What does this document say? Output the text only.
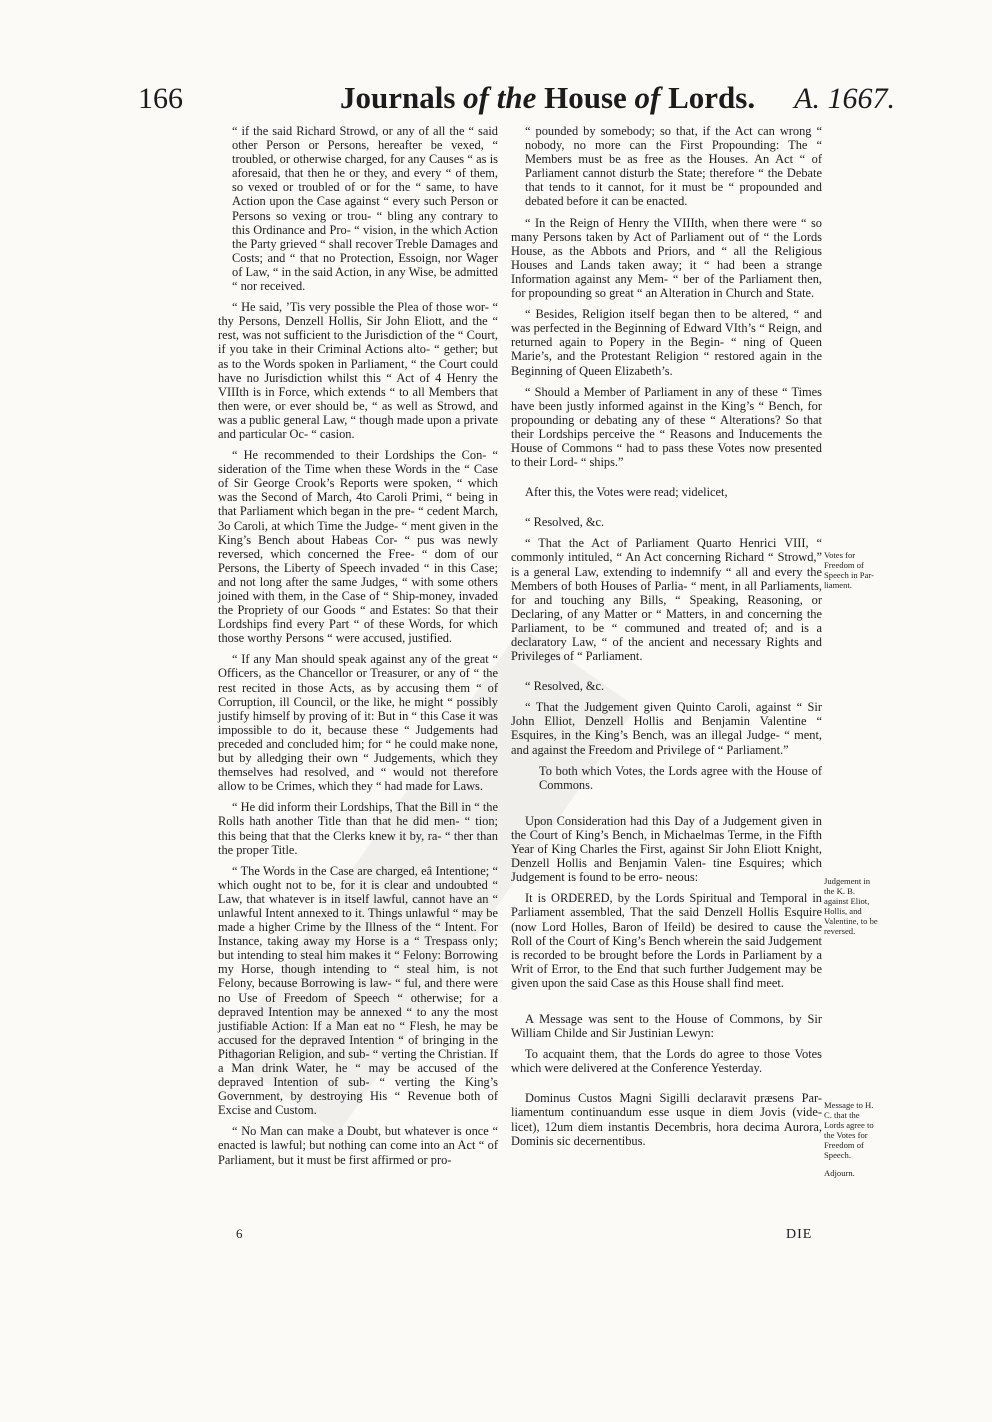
166	Journals of the House of Lords. A. 1667.

“ if the said Richard Strowd, or any of all the “ said other Person or Persons, hereafter be vexed, “ troubled, or otherwise charged, for any Causes “ as is aforesaid, that then he or they, and every “ of them, so vexed or troubled of or for the “ same, to have Action upon the Case against “ every such Person or Persons so vexing or trou- “ bling any contrary to this Ordinance and Pro- “ vision, in the which Action the Party grieved “ shall recover Treble Damages and Costs; and “ that no Protection, Essoign, nor Wager of Law, “ in the said Action, in any Wise, be admitted “ nor received.

“ He said, ’Tis very possible the Plea of those wor- “ thy Persons, Denzell Hollis, Sir John Eliott, and the “ rest, was not sufficient to the Jurisdiction of the “ Court, if you take in their Criminal Actions alto- “ gether; but as to the Words spoken in Parliament, “ the Court could have no Jurisdiction whilst this “ Act of 4 Henry the VIIIth is in Force, which extends “ to all Members that then were, or ever should be, “ as well as Strowd, and was a public general Law, “ though made upon a private and particular Oc- “ casion.

“ He recommended to their Lordships the Con- “ sideration of the Time when these Words in the “ Case of Sir George Crook’s Reports were spoken, “ which was the Second of March, 4to Caroli Primi, “ being in that Parliament which began in the pre- “ cedent March, 3o Caroli, at which Time the Judge- “ ment given in the King’s Bench about Habeas Cor- “ pus was newly reversed, which concerned the Free- “ dom of our Persons, the Liberty of Speech invaded “ in this Case; and not long after the same Judges, “ with some others joined with them, in the Case of “ Ship-money, invaded the Propriety of our Goods “ and Estates: So that their Lordships find every Part “ of these Words, for which those worthy Persons “ were accused, justified.

“ If any Man should speak against any of the great “ Officers, as the Chancellor or Treasurer, or any of “ the rest recited in those Acts, as by accusing them “ of Corruption, ill Council, or the like, he might “ possibly justify himself by proving of it: But in “ this Case it was impossible to do it, because these “ Judgements had preceded and concluded him; for “ he could make none, but by alledging their own “ Judgements, which they themselves had resolved, and “ would not therefore allow to be Crimes, which they “ had made for Laws.

“ He did inform their Lordships, That the Bill in “ the Rolls hath another Title than that he did men- “ tion; this being that that the Clerks knew it by, ra- “ ther than the proper Title.

“ The Words in the Case are charged, eâ Intentione; “ which ought not to be, for it is clear and undoubted “ Law, that whatever is in itself lawful, cannot have an “ unlawful Intent annexed to it. Things unlawful “ may be made a higher Crime by the Illness of the “ Intent. For Instance, taking away my Horse is a “ Trespass only; but intending to steal him makes it “ Felony: Borrowing my Horse, though intending to “ steal him, is not Felony, because Borrowing is law- “ ful, and there were no Use of Freedom of Speech “ otherwise; for a depraved Intention may be annexed “ to any the most justifiable Action: If a Man eat no “ Flesh, he may be accused for the depraved Intention “ of bringing in the Pithagorian Religion, and sub- “ verting the Christian. If a Man drink Water, he “ may be accused of the depraved Intention of sub- “ verting the King’s Government, by destroying His “ Revenue both of Excise and Custom.

“ No Man can make a Doubt, but whatever is once “ enacted is lawful; but nothing can come into an Act “ of Parliament, but it must be first affirmed or pro-

“ pounded by somebody; so that, if the Act can wrong “ nobody, no more can the First Propounding: The “ Members must be as free as the Houses. An Act “ of Parliament cannot disturb the State; therefore “ the Debate that tends to it cannot, for it must be “ propounded and debated before it can be enacted.

“ In the Reign of Henry the VIIIth, when there were “ so many Persons taken by Act of Parliament out of “ the Lords House, as the Abbots and Priors, and “ all the Religious Houses and Lands taken away; it “ had been a strange Information against any Mem- “ ber of the Parliament then, for propounding so great “ an Alteration in Church and State.

“ Besides, Religion itself began then to be altered, “ and was perfected in the Beginning of Edward VIth’s “ Reign, and returned again to Popery in the Begin- “ ning of Queen Marie’s, and the Protestant Religion “ restored again in the Beginning of Queen Elizabeth’s.

“ Should a Member of Parliament in any of these “ Times have been justly informed against in the King’s “ Bench, for propounding or debating any of these “ Alterations? So that their Lordships perceive the “ Reasons and Inducements the House of Commons “ had to pass these Votes now presented to their Lord- “ ships.”

After this, the Votes were read; videlicet,

“ Resolved, &c.

“ That the Act of Parliament Quarto Henrici VIII, “ commonly intituled, “ An Act concerning Richard “ Strowd,” is a general Law, extending to indemnify “ all and every the Members of both Houses of Parlia- “ ment, in all Parliaments, for and touching any Bills, “ Speaking, Reasoning, or Declaring, of any Matter or “ Matters, in and concerning the Parliament, to be “ communed and treated of; and is a declaratory Law, “ of the ancient and necessary Rights and Privileges of “ Parliament.

“ Resolved, &c.

“ That the Judgement given Quinto Caroli, against “ Sir John Elliot, Denzell Hollis and Benjamin Valentine “ Esquires, in the King’s Bench, was an illegal Judge- “ ment, and against the Freedom and Privilege of “ Parliament.”

To both which Votes, the Lords agree with the House of Commons.

Upon Consideration had this Day of a Judgement given in the Court of King’s Bench, in Michaelmas Terme, in the Fifth Year of King Charles the First, against Sir John Eliott Knight, Denzell Hollis and Benjamin Valen- tine Esquires; which Judgement is found to be erro- neous:

It is ORDERED, by the Lords Spiritual and Temporal in Parliament assembled, That the said Denzell Hollis Esquire (now Lord Holles, Baron of Ifeild) be desired to cause the Roll of the Court of King’s Bench wherein the said Judgement is recorded to be brought before the Lords in Parliament by a Writ of Error, to the End that such further Judgement may be given upon the said Case as this House shall find meet.

A Message was sent to the House of Commons, by Sir William Childe and Sir Justinian Lewyn:

To acquaint them, that the Lords do agree to those Votes which were delivered at the Conference Yesterday.

Dominus Custos Magni Sigilli declaravit præsens Par- liamentum continuandum esse usque in diem Jovis (vide- licet), 12um diem instantis Decembris, hora decima Aurora, Dominis sic decernentibus.

Votes for Freedom of Speech in Par- liament.
Judgement in the K. B. against Eliot, Hollis, and Valentine, to be reversed.
Message to H. C. that the Lords agree to the Votes for Freedom of Speech.
Adjourn.
6	DIE
